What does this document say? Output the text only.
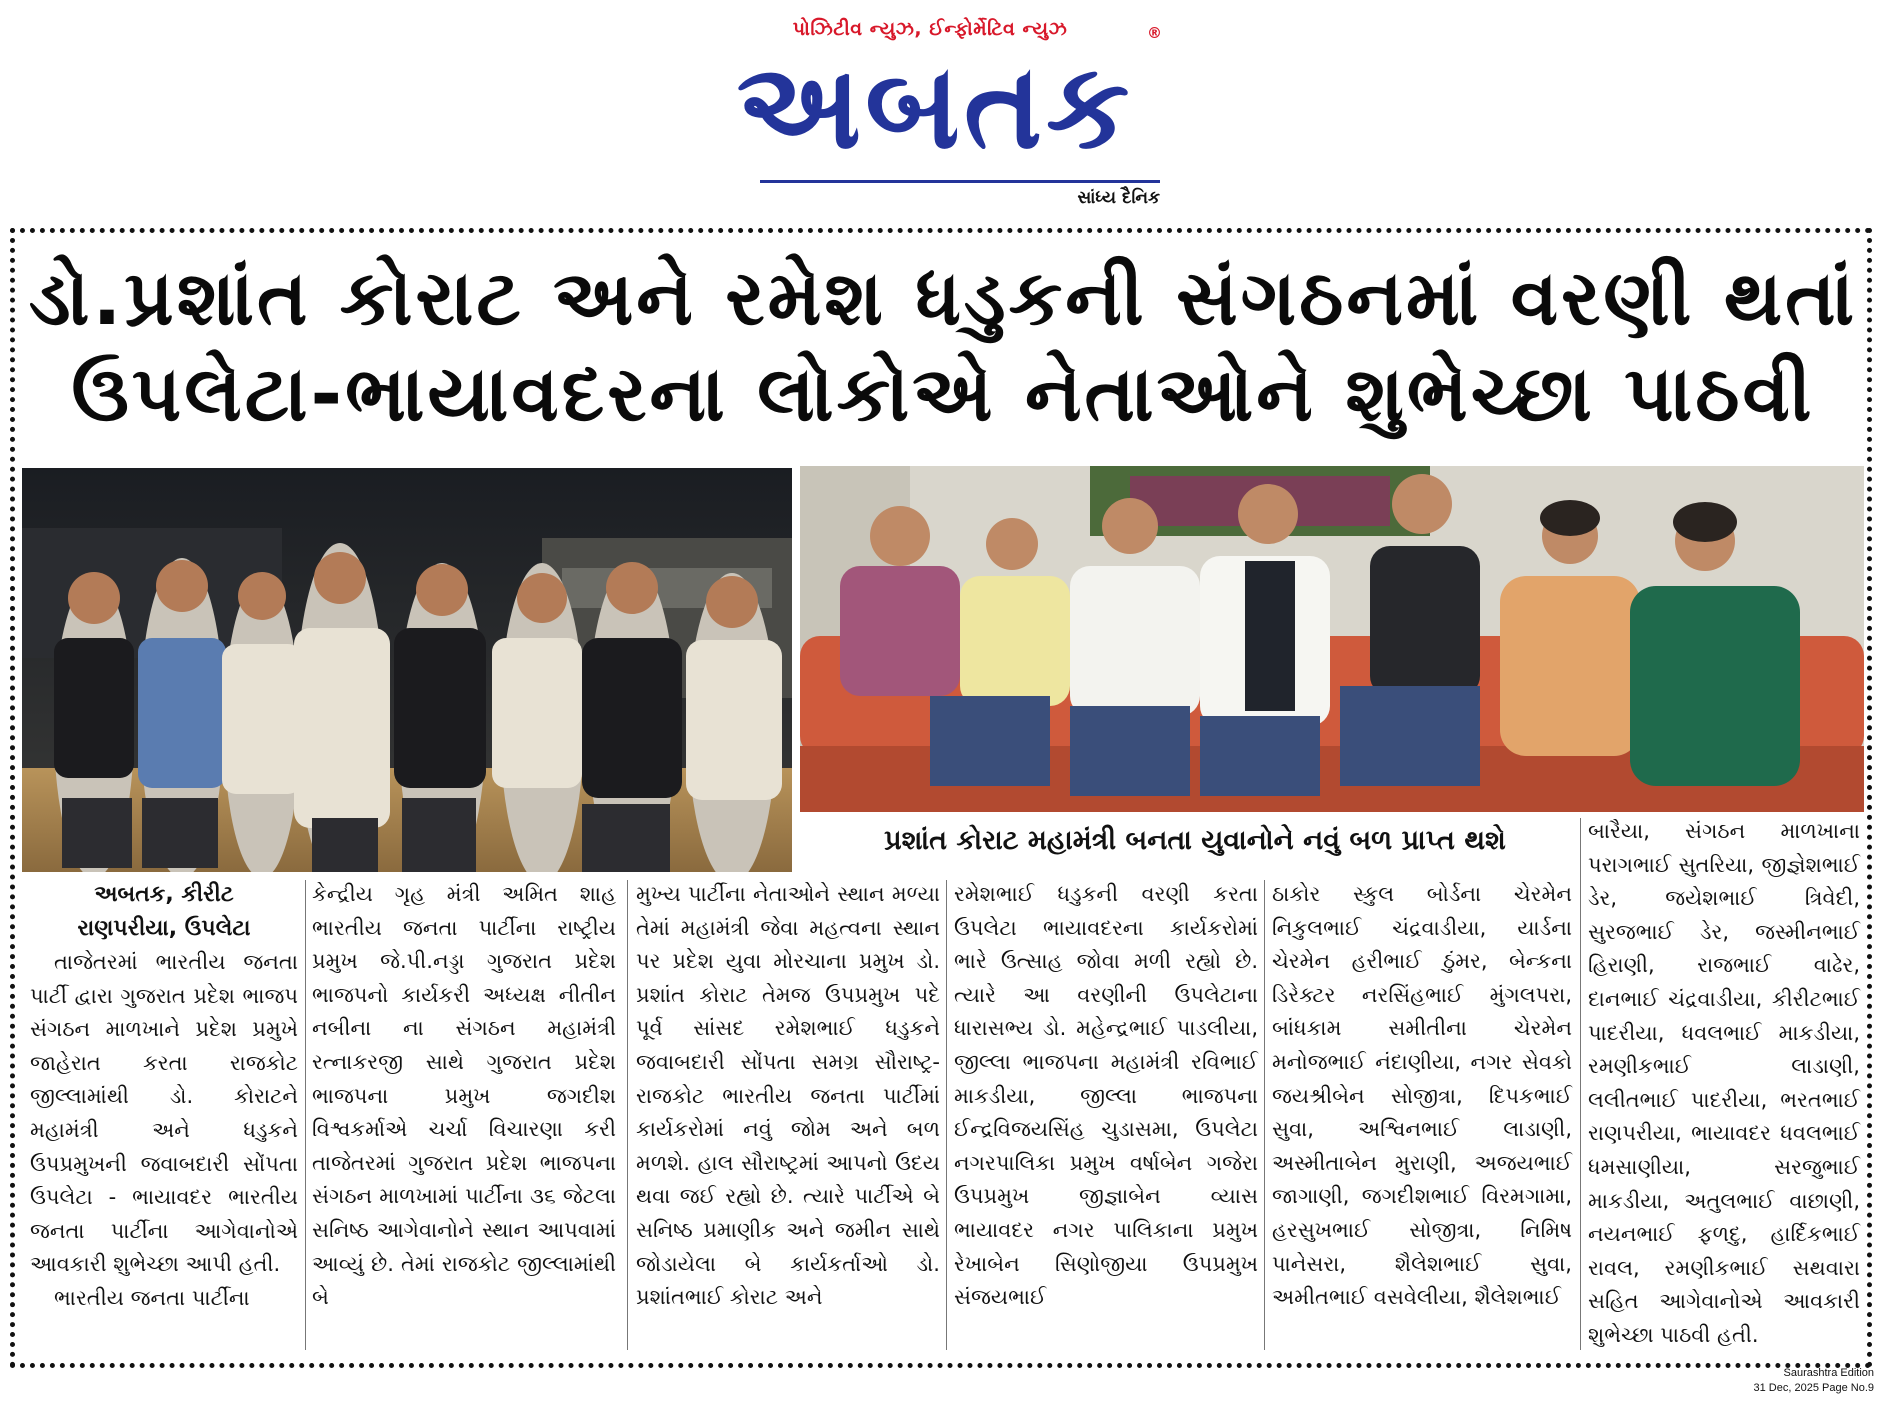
પોઝિટીવ ન્યુઝ, ઈન્ફોર્મેટિવ ન્યુઝ	®
અબતક
સાંધ્ય દૈનિક
ડો.પ્રશાંત કોરાટ અને રમેશ ધડુકની સંગઠનમાં વરણી થતાં
ઉપલેટા-ભાયાવદરના લોકોએ નેતાઓને શુભેચ્છા પાઠવી
પ્રશાંત કોરાટ મહામંત્રી બનતા યુવાનોને નવું બળ પ્રાપ્ત થશે
અબતક, કીરીટ
રાણપરીયા, ઉપલેટા

તાજેતરમાં ભારતીય જનતા પાર્ટી દ્વારા ગુજરાત પ્રદેશ ભાજપ સંગઠન માળખાને પ્રદેશ પ્રમુખે જાહેરાત કરતા રાજકોટ જીલ્લામાંથી ડો. કોરાટને મહામંત્રી અને ધડુકને ઉપપ્રમુખની જવાબદારી સોંપતા ઉપલેટા - ભાયાવદર ભારતીય જનતા પાર્ટીના આગેવાનોએ આવકારી શુભેચ્છા આપી હતી.

ભારતીય જનતા પાર્ટીના

કેન્દ્રીય ગૃહ મંત્રી અમિત શાહ ભારતીય જનતા પાર્ટીના રાષ્ટ્રીય પ્રમુખ જે.પી.નડ્ડા ગુજરાત પ્રદેશ ભાજપનો કાર્યકરી અધ્યક્ષ નીતીન નબીના ના સંગઠન મહામંત્રી રત્નાકરજી સાથે ગુજરાત પ્રદેશ ભાજપના પ્રમુખ જગદીશ વિશ્વકર્માએ ચર્ચા વિચારણા કરી તાજેતરમાં ગુજરાત પ્રદેશ ભાજપના સંગઠન માળખામાં પાર્ટીના ૩૬ જેટલા સનિષ્ઠ આગેવાનોને સ્થાન આપવામાં આવ્યું છે. તેમાં રાજકોટ જીલ્લામાંથી બે

મુખ્ય પાર્ટીના નેતાઓને સ્થાન મળ્યા તેમાં મહામંત્રી જેવા મહત્વના સ્થાન પર પ્રદેશ યુવા મોરચાના પ્રમુખ ડો. પ્રશાંત કોરાટ તેમજ ઉપપ્રમુખ પદે પૂર્વ સાંસદ રમેશભાઈ ધડુકને જવાબદારી સોંપતા સમગ્ર સૌરાષ્ટ્ર-રાજકોટ ભારતીય જનતા પાર્ટીમાં કાર્યકરોમાં નવું જોમ અને બળ મળશે. હાલ સૌરાષ્ટ્રમાં આપનો ઉદય થવા જઈ રહ્યો છે. ત્યારે પાર્ટીએ બે સનિષ્ઠ પ્રમાણીક અને જમીન સાથે જોડાયેલા બે કાર્યકર્તાઓ ડો. પ્રશાંતભાઈ કોરાટ અને

રમેશભાઈ ધડુકની વરણી કરતા ઉપલેટા ભાયાવદરના કાર્યકરોમાં ભારે ઉત્સાહ જોવા મળી રહ્યો છે. ત્યારે આ વરણીની ઉપલેટાના ધારાસભ્ય ડો. મહેન્દ્રભાઈ પાડલીયા, જીલ્લા ભાજપના મહામંત્રી રવિભાઈ માકડીયા, જીલ્લા ભાજપના ઈન્દ્રવિજયસિંહ ચુડાસમા, ઉપલેટા નગરપાલિકા પ્રમુખ વર્ષાબેન ગજેરા ઉપપ્રમુખ જીજ્ઞાબેન વ્યાસ ભાયાવદર નગર પાલિકાના પ્રમુખ રેખાબેન સિણોજીયા ઉપપ્રમુખ સંજયભાઈ

ઠાકોર સ્કુલ બોર્ડના ચેરમેન નિકુલભાઈ ચંદ્રવાડીયા, યાર્ડના ચેરમેન હરીભાઈ ઠુંમર, બેન્કના ડિરેક્ટર નરસિંહભાઈ મુંગલપરા, બાંધકામ સમીતીના ચેરમેન મનોજભાઈ નંદાણીયા, નગર સેવકો જયશ્રીબેન સોજીત્રા, દિપકભાઈ સુવા, અશ્વિનભાઈ લાડાણી, અસ્મીતાબેન મુરાણી, અજયભાઈ જાગાણી, જગદીશભાઈ વિરમગામા, હરસુખભાઈ સોજીત્રા, નિમિષ પાનેસરા, શૈલેશભાઈ સુવા, અમીતભાઈ વસવેલીયા, શૈલેશભાઈ

બારૈયા, સંગઠન માળખાના પરાગભાઈ સુતરિયા, જીજ્ઞેશભાઈ ડેર, જયેશભાઈ ત્રિવેદી, સુરજભાઈ ડેર, જસ્મીનભાઈ હિરાણી, રાજભાઈ વાઢેર, દાનભાઈ ચંદ્રવાડીયા, કીરીટભાઈ પાદરીયા, ધવલભાઈ માકડીયા, રમણીકભાઈ લાડાણી, લલીતભાઈ પાદરીયા, ભરતભાઈ રાણપરીયા, ભાયાવદર ધવલભાઈ ધમસાણીયા, સરજુભાઈ માકડીયા, અતુલભાઈ વાછાણી, નયનભાઈ ફળદુ, હાર્દિકભાઈ રાવલ, રમણીકભાઈ સથવારા સહિત આગેવાનોએ આવકારી શુભેચ્છા પાઠવી હતી.

Saurashtra Edition
31 Dec, 2025 Page No.9
